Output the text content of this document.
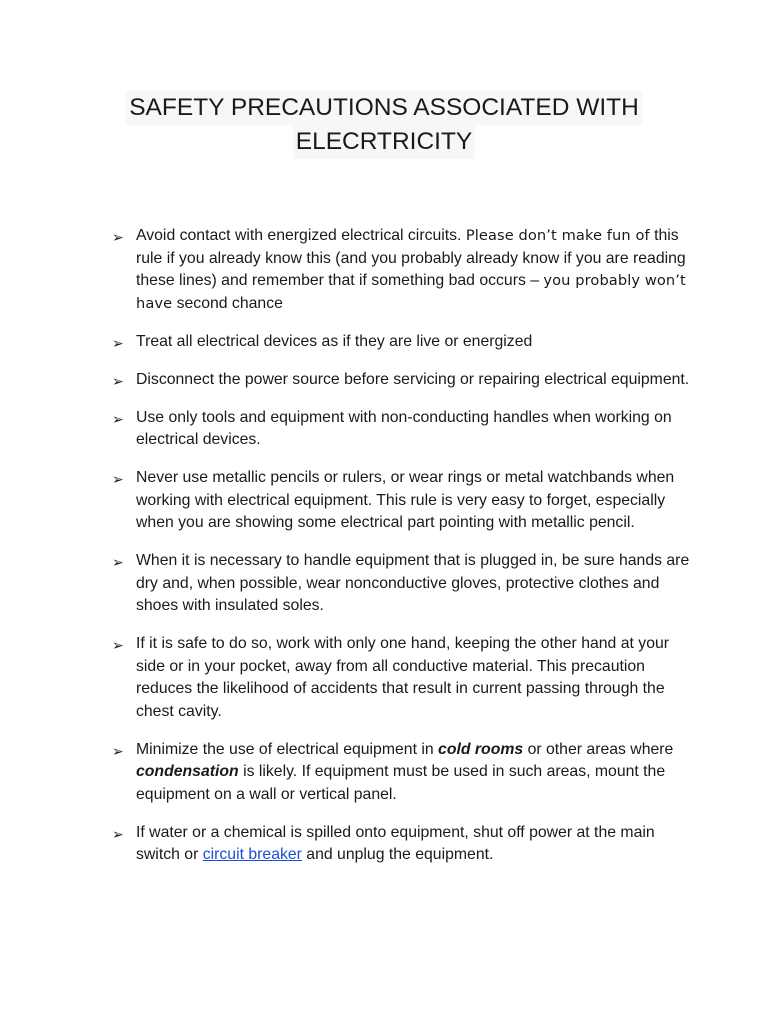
SAFETY PRECAUTIONS ASSOCIATED WITH
ELECRTRICITY
➢ Avoid contact with energized electrical circuits. Please don’t make fun of this rule if you already know this (and you probably already know if you are reading these lines) and remember that if something bad occurs – you probably won’t have second chance
➢ Treat all electrical devices as if they are live or energized
➢ Disconnect the power source before servicing or repairing electrical equipment.
➢ Use only tools and equipment with non-conducting handles when working on electrical devices.
➢ Never use metallic pencils or rulers, or wear rings or metal watchbands when working with electrical equipment. This rule is very easy to forget, especially when you are showing some electrical part pointing with metallic pencil.
➢ When it is necessary to handle equipment that is plugged in, be sure hands are dry and, when possible, wear nonconductive gloves, protective clothes and shoes with insulated soles.
➢ If it is safe to do so, work with only one hand, keeping the other hand at your side or in your pocket, away from all conductive material. This precaution reduces the likelihood of accidents that result in current passing through the chest cavity.
➢ Minimize the use of electrical equipment in cold rooms or other areas where condensation is likely. If equipment must be used in such areas, mount the equipment on a wall or vertical panel.
➢ If water or a chemical is spilled onto equipment, shut off power at the main switch or circuit breaker and unplug the equipment.
